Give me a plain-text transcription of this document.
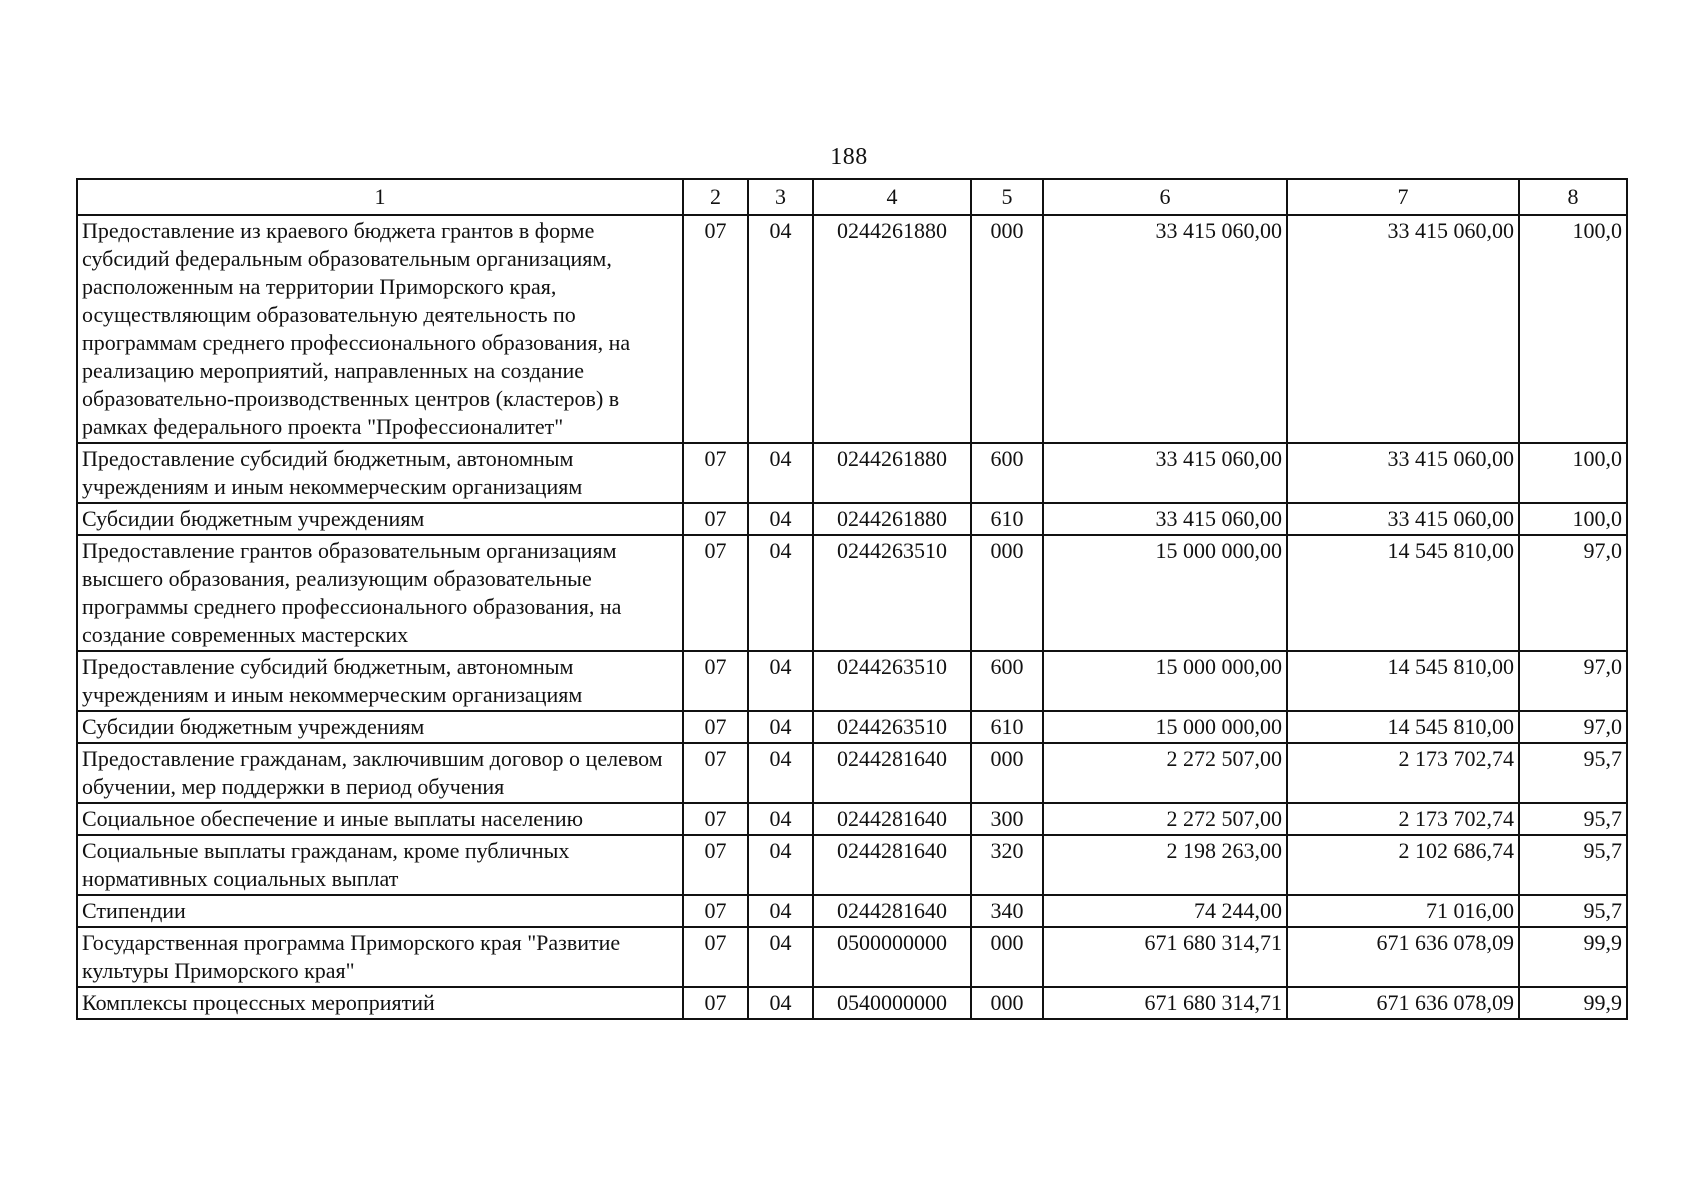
188
1	2	3	4	5	6	7	8
Предоставление из краевого бюджета грантов в форме субсидий федеральным образовательным организациям, расположенным на территории Приморского края, осуществляющим образовательную деятельность по программам среднего профессионального образования, на реализацию мероприятий, направленных на создание образовательно-производственных центров (кластеров) в рамках федерального проекта "Профессионалитет"	07	04	0244261880	000	33 415 060,00	33 415 060,00	100,0
Предоставление субсидий бюджетным, автономным учреждениям и иным некоммерческим организациям	07	04	0244261880	600	33 415 060,00	33 415 060,00	100,0
Субсидии бюджетным учреждениям	07	04	0244261880	610	33 415 060,00	33 415 060,00	100,0
Предоставление грантов образовательным организациям высшего образования, реализующим образовательные программы среднего профессионального образования, на создание современных мастерских	07	04	0244263510	000	15 000 000,00	14 545 810,00	97,0
Предоставление субсидий бюджетным, автономным учреждениям и иным некоммерческим организациям	07	04	0244263510	600	15 000 000,00	14 545 810,00	97,0
Субсидии бюджетным учреждениям	07	04	0244263510	610	15 000 000,00	14 545 810,00	97,0
Предоставление гражданам, заключившим договор о целевом обучении, мер поддержки в период обучения	07	04	0244281640	000	2 272 507,00	2 173 702,74	95,7
Социальное обеспечение и иные выплаты населению	07	04	0244281640	300	2 272 507,00	2 173 702,74	95,7
Социальные выплаты гражданам, кроме публичных нормативных социальных выплат	07	04	0244281640	320	2 198 263,00	2 102 686,74	95,7
Стипендии	07	04	0244281640	340	74 244,00	71 016,00	95,7
Государственная программа Приморского края "Развитие культуры Приморского края"	07	04	0500000000	000	671 680 314,71	671 636 078,09	99,9
Комплексы процессных мероприятий	07	04	0540000000	000	671 680 314,71	671 636 078,09	99,9
